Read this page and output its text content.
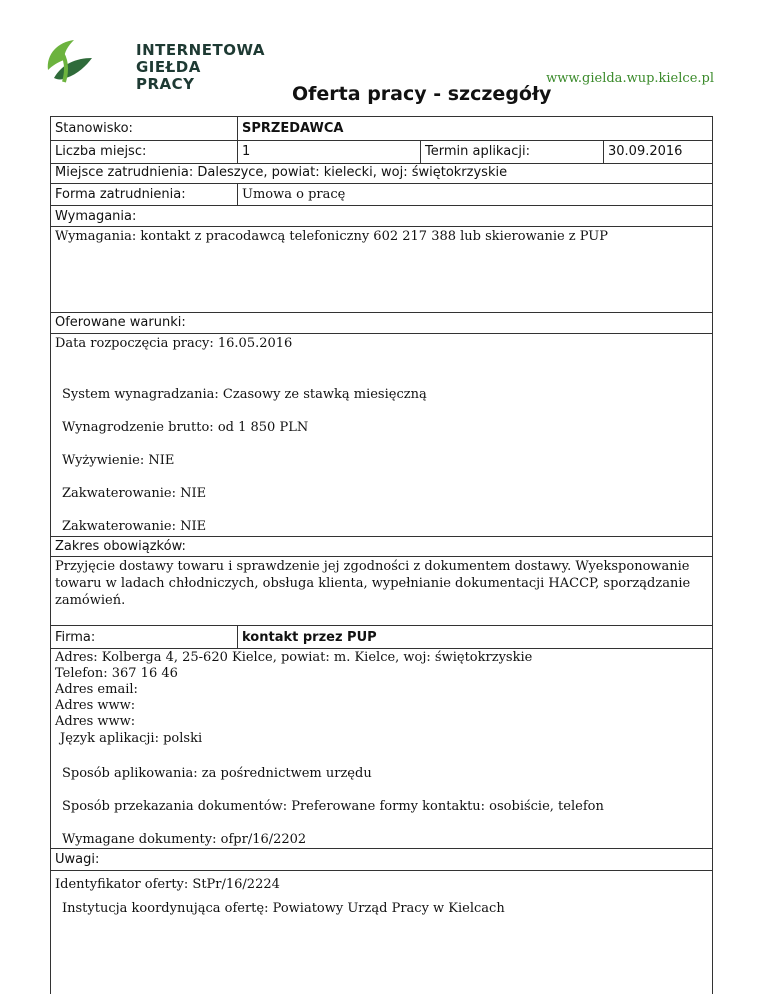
INTERNETOWA
GIEŁDA PRACY	www.gielda.wup.kielce.pl
Oferta pracy - szczegóły
Stanowisko:	SPRZEDAWCA
Liczba miejsc:	1	Termin aplikacji:	30.09.2016
Miejsce zatrudnienia: Daleszyce, powiat: kielecki, woj: świętokrzyskie
Forma zatrudnienia:	Umowa o pracę
Wymagania:
Wymagania: kontakt z pracodawcą telefoniczny 602 217 388 lub skierowanie z PUP
Oferowane warunki:
Data rozpoczęcia pracy: 16.05.2016
System wynagradzania: Czasowy ze stawką miesięczną
Wynagrodzenie brutto: od 1 850 PLN
Wyżywienie: NIE
Zakwaterowanie: NIE
Zakwaterowanie: NIE
Zakres obowiązków:
Przyjęcie dostawy towaru i sprawdzenie jej zgodności z dokumentem dostawy. Wyeksponowanie
towaru w ladach chłodniczych, obsługa klienta, wypełnianie dokumentacji HACCP, sporządzanie
zamówień.
Firma:	kontakt przez PUP
Adres: Kolberga 4, 25-620 Kielce, powiat: m. Kielce, woj: świętokrzyskie
Telefon: 367 16 46
Adres email:
Adres www:
Adres www:
Język aplikacji: polski
Sposób aplikowania: za pośrednictwem urzędu
Sposób przekazania dokumentów: Preferowane formy kontaktu: osobiście, telefon
Wymagane dokumenty: ofpr/16/2202
Uwagi:
Identyfikator oferty: StPr/16/2224
Instytucja koordynująca ofertę: Powiatowy Urząd Pracy w Kielcach
